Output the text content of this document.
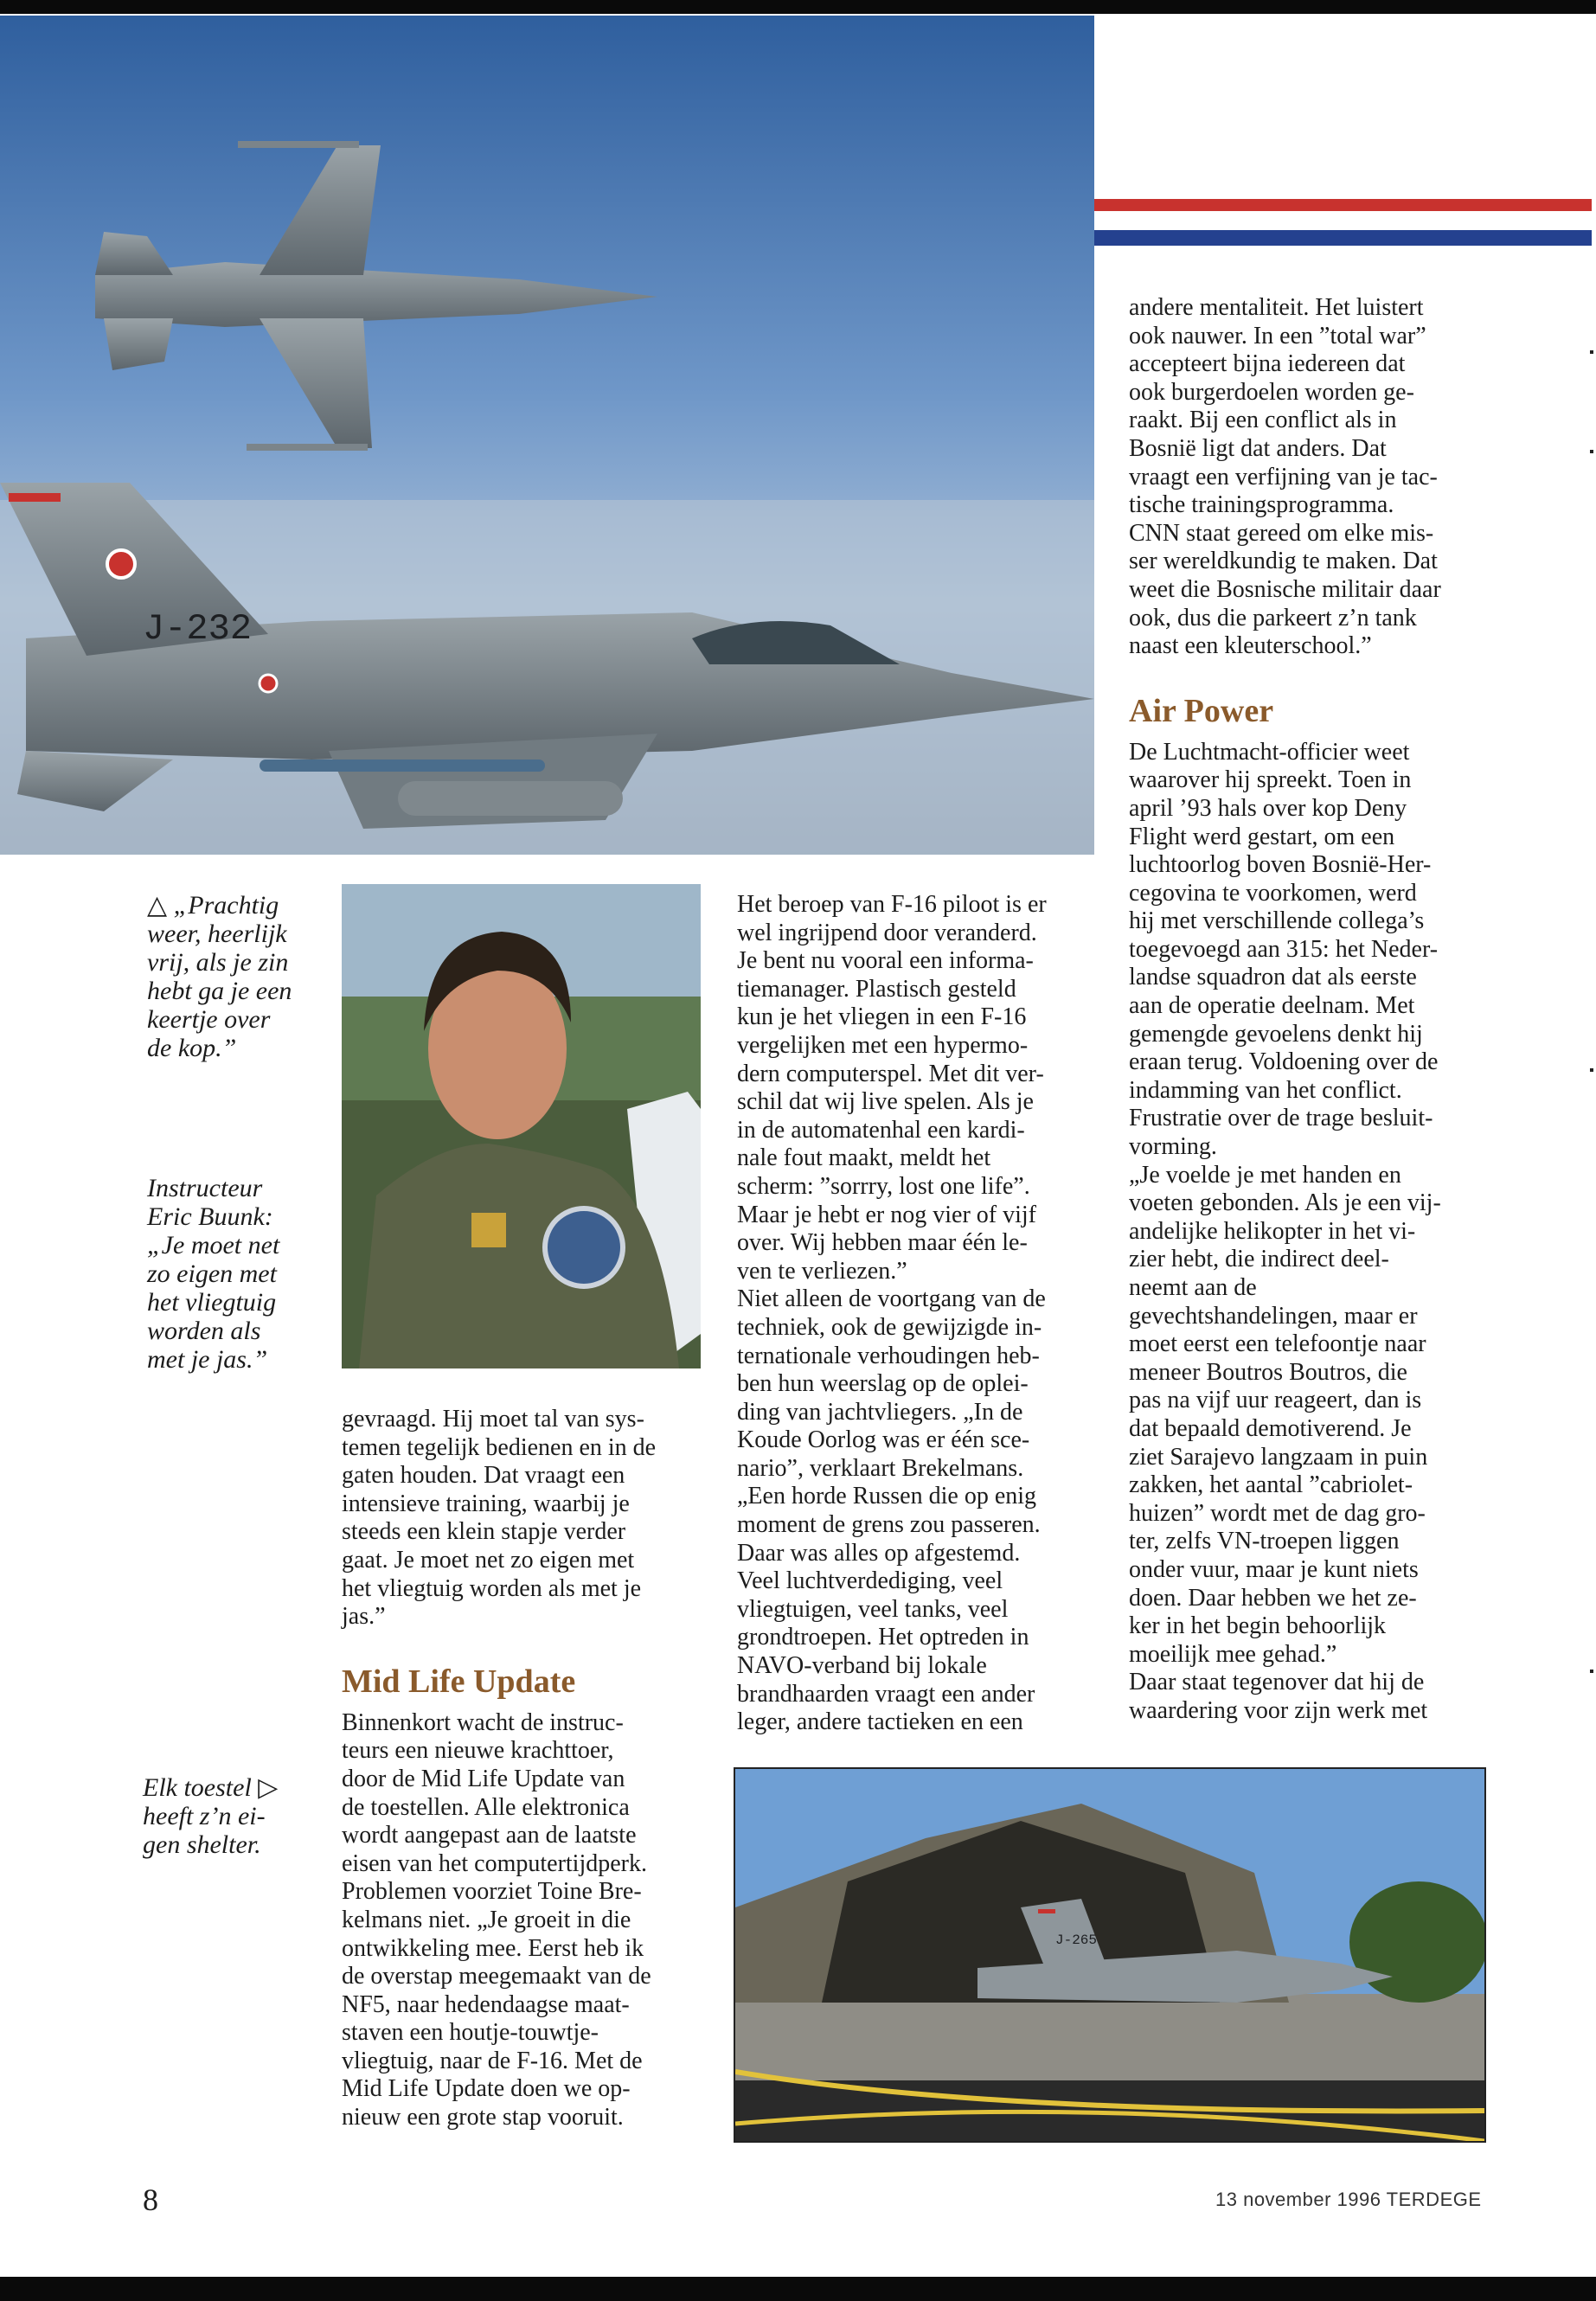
J-232

△ „P​rachtig

weer, heerlijk

vrij, als je zin

hebt ga je een

keertje over

de kop.”

Instructeur

Eric Buunk:

„Je moet net

zo eigen met

het vliegtuig

worden als

met je jas.”

Elk toestel ▷

heeft z’n ei-

gen shelter.

gevraagd. Hij moet tal van sys-

temen tegelijk bedienen en in de

gaten houden. Dat vraagt een

intensieve training, waarbij je

steeds een klein stapje verder

gaat. Je moet net zo eigen met

het vliegtuig worden als met je

jas.”

Mid Life Update

Binnenkort wacht de instruc-

teurs een nieuwe krachttoer,

door de Mid Life Update van

de toestellen. Alle elektronica

wordt aangepast aan de laatste

eisen van het computertijdperk.

Problemen voorziet Toine Bre-

kelmans niet. „Je groeit in die

ontwikkeling mee. Eerst heb ik

de overstap meegemaakt van de

NF5, naar hedendaagse maat-

staven een houtje-touwtje-

vliegtuig, naar de F-16. Met de

Mid Life Update doen we op-

nieuw een grote stap vooruit.

Het beroep van F-16 piloot is er

wel ingrijpend door veranderd.

Je bent nu vooral een informa-

tiemanager. Plastisch gesteld

kun je het vliegen in een F-16

vergelijken met een hypermo-

dern computerspel. Met dit ver-

schil dat wij live spelen. Als je

in de automatenhal een kardi-

nale fout maakt, meldt het

scherm: ”sorrry, lost one life”.

Maar je hebt er nog vier of vijf

over. Wij hebben maar één le-

ven te verliezen.”

Niet alleen de voortgang van de

techniek, ook de gewijzigde in-

ternationale verhoudingen heb-

ben hun weerslag op de oplei-

ding van jachtvliegers. „In de

Koude Oorlog was er één sce-

nario”, verklaart Brekelmans.

„Een horde Russen die op enig

moment de grens zou passeren.

Daar was alles op afgestemd.

Veel luchtverdediging, veel

vliegtuigen, veel tanks, veel

grondtroepen. Het optreden in

NAVO-verband bij lokale

brandhaarden vraagt een ander

leger, andere tactieken en een

andere mentaliteit. Het luistert

ook nauwer. In een ”total war”

accepteert bijna iedereen dat

ook burgerdoelen worden ge-

raakt. Bij een conflict als in

Bosnië ligt dat anders. Dat

vraagt een verfijning van je tac-

tische trainingsprogramma.

CNN staat gereed om elke mis-

ser wereldkundig te maken. Dat

weet die Bosnische militair daar

ook, dus die parkeert z’n tank

naast een kleuterschool.”

Air Power

De Luchtmacht-officier weet

waarover hij spreekt. Toen in

april ’93 hals over kop Deny

Flight werd gestart, om een

luchtoorlog boven Bosnië-Her-

cegovina te voorkomen, werd

hij met verschillende collega’s

toegevoegd aan 315: het Neder-

landse squadron dat als eerste

aan de operatie deelnam. Met

gemengde gevoelens denkt hij

eraan terug. Voldoening over de

indamming van het conflict.

Frustratie over de trage besluit-

vorming.

„Je voelde je met handen en

voeten gebonden. Als je een vij-

andelijke helikopter in het vi-

zier hebt, die indirect deel-

neemt aan de

gevechtshandelingen, maar er

moet eerst een telefoontje naar

meneer Boutros Boutros, die

pas na vijf uur reageert, dan is

dat bepaald demotiverend. Je

ziet Sarajevo langzaam in puin

zakken, het aantal ”cabriolet-

huizen” wordt met de dag gro-

ter, zelfs VN-troepen liggen

onder vuur, maar je kunt niets

doen. Daar hebben we het ze-

ker in het begin behoorlijk

moeilijk mee gehad.”

Daar staat tegenover dat hij de

waardering voor zijn werk met

J-265
8	13 november 1996 TERDEGE
